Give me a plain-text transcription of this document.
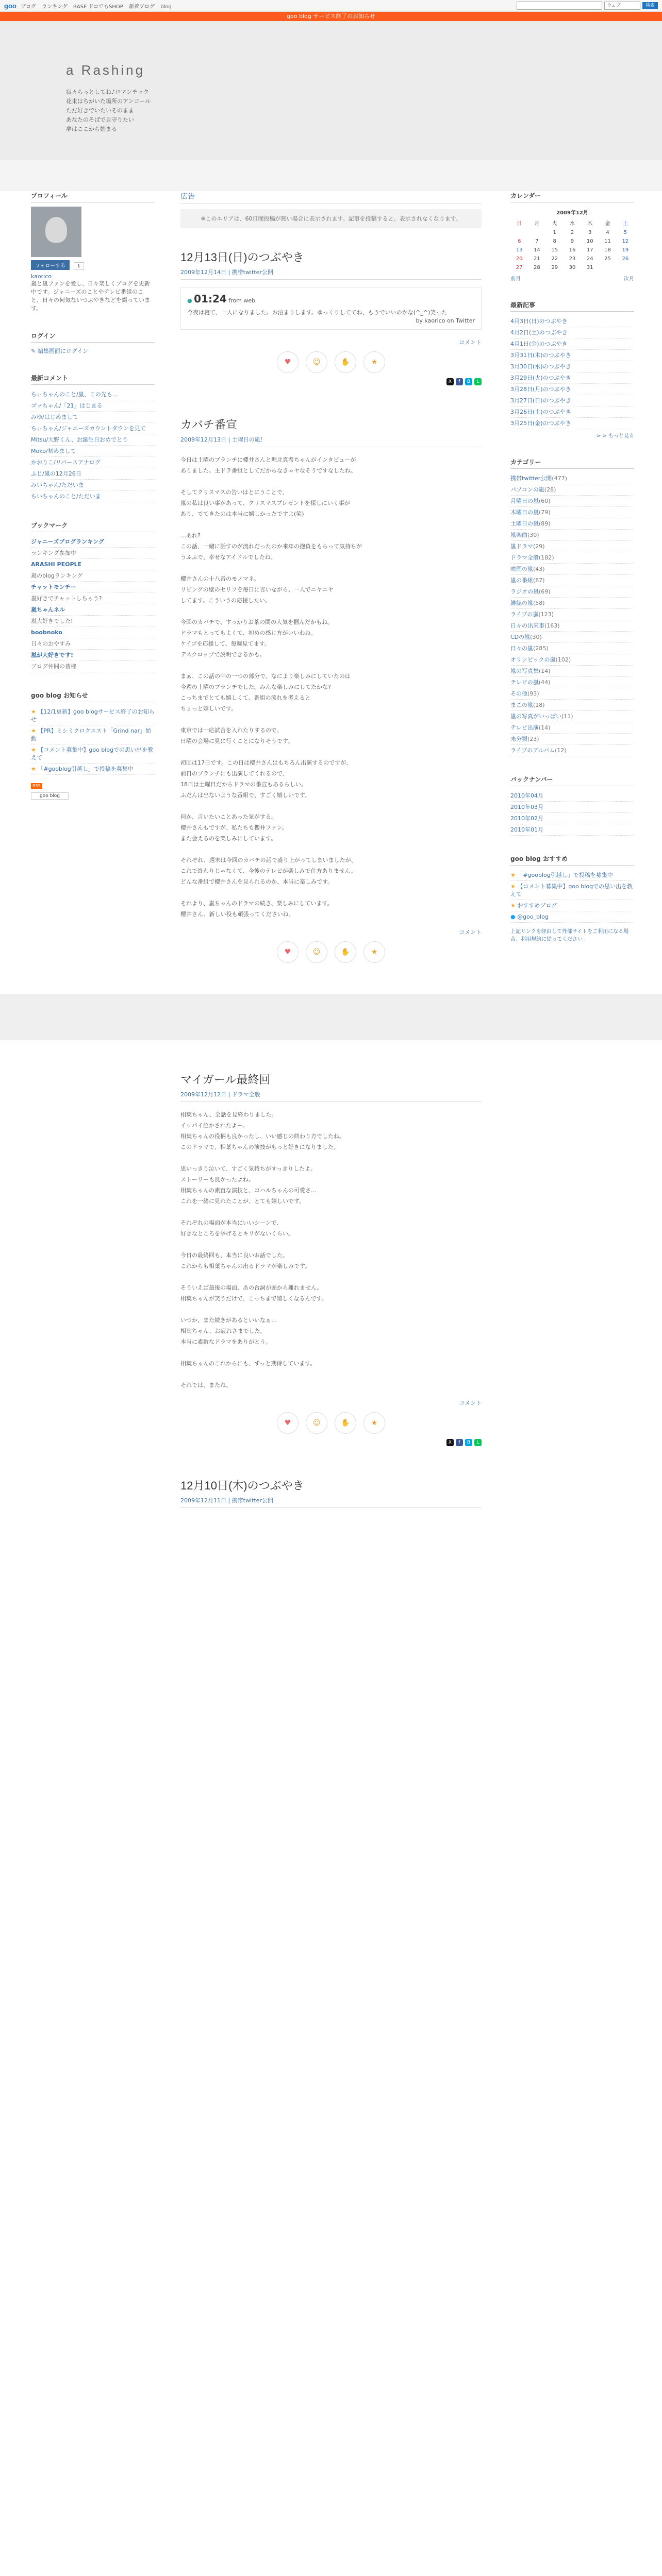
goo ブログ ランキング BASE ドコでもSHOP 新着ブログ blog	ウェブ	検索
goo blog サービス終了のお知らせ
a Rashing
寂々らっとしてね♪ロマンチック
花束はちがいた場所のアンコール
ただ好きでいたいそのまま
あなたのそばで見守りたい
夢はここから始まる
プロフィール
フォローする 1
kaorico
嵐と嵐ファンを愛し、日々楽しくブログを更新中です。ジャニーズのことやテレビ番組のこと、日々の何気ないつぶやきなどを綴っています。
ログイン
✎ 編集画面にログイン
最新コメント
ちぃちゃんのこと/嵐、この先も…
ゴッちゃん/「21」はじまる
みゆ/はじめまして
ちぃちゃん/ジャニーズカウントダウンを見て
Mitsu/大野くん、お誕生日おめでとう
Moko/初めまして
かおりこ/リバースアナログ
ふじ/嵐の12月26日
みいちゃん/ただいま
ちいちゃんのこと/ただいま
ブックマーク
ジャニーズブログランキング
ランキング参加中
ARASHI PEOPLE
嵐のblogランキング
チャットモンチー
嵐好きでチャットしちゃう?
嵐ちゃんネル
嵐大好きでした!
boobnoko
日々のおやすみ
嵐が大好きです!
ブログ仲間の皆様
goo blog お知らせ
★ 【12/1更新】goo blogサービス終了のお知らせ
★ 【PR】ミシミクロクエスト「Grind nar」始動
★ 【コメント募集中】goo blogでの思い出を教えて
★ 「#gooblog引越し」で投稿を募集中
RSS
goo blog
広告
※このエリアは、60日間投稿が無い場合に表示されます。記事を投稿すると、表示されなくなります。
12月13日(日)のつぶやき
2009年12月14日 | 携帯twitter公開
● 01:24 from web
今夜は寝て、一人になりました。お泊まりします。ゆっくりしててね、もうでいいのかな(^_^)笑った
by kaorico on Twitter
コメント
♥	☺	✋	★
X	f	B	L
カバチ番宣
2009年12月13日 | 土曜日の嵐！
今日は土曜のブランチに櫻井さんと堀北真希ちゃんがインタビューが
ありました。主ドラ番組としてだからなきゃヤなそうですなしたね。

そしてクリスマスの告いはとにうことで、
嵐の私は良い事があって、クリスマスプレゼントを探しにいく事が
あり、でてきたのは本当に嬉しかったですよ(笑)

…あれ?
この話、一緒に話すのが流れだったのか来年の抱負をもらって気持ちが
うふふで、幸せなアイドルでしたね。

櫻井さんの十八番のモノマネ。
リビングの壁のセリフを毎日に言いながら、一人でニヤニヤ
してます。こういうの応援したい。

今回のカバチで、すっかりお茶の間の人気を掴んだかもね。
ドラマもとってもよくて、初めの感じ方がいいわね。
ケイゴを応援して、毎週見てます。
デスクロップで説明できるかも。

まぁ、この話の中の一つの部分で、なにより楽しみにしていたのは
今週の土曜のブランチでした。みんな楽しみにしてたかな?
こっちまでとても嬉しくて、番組の流れを考えると
ちょっと嬉しいです。

東京では一応試合を入れたりするので、
日曜の会場に見に行くことになりそうです。

初回は17日です。この日は櫻井さんはもちろん出演するのですが、
前日のブランチにも出演してくれるので、
18日は土曜日だからドラマの番宣もあるらしい。
ふだんは出ないような番組で、すごく嬉しいです。

何か、言いたいことあった気がする。
櫻井さんもですが、私たちも櫻井ファン。
また会えるのを楽しみにしています。

それぞれ、週末は今回のカバチの話で盛り上がってしまいましたが、
これで終わりじゃなくて、今後のテレビが楽しみで仕方ありません。
どんな番組で櫻井さんを見られるのか、本当に楽しみです。

それより、嵐ちゃんのドラマの続き、楽しみにしています。
櫻井さん、新しい役も頑張ってくださいね。
コメント
♥	☺	✋	★
マイガール最終回
2009年12月12日 | ドラマ全般
相葉ちゃん、全話を見終わりました。
イッパイ泣かされたよー。
相葉ちゃんの役柄も良かったし、いい感じの終わり方でしたね。
このドラマで、相葉ちゃんの演技がもっと好きになりました。

思いっきり泣いて、すごく気持ちがすっきりしたよ。
ストーリーも良かったよね。
相葉ちゃんの素直な演技と、コハルちゃんの可愛さ…
これを一緒に見れたことが、とても嬉しいです。

それぞれの場面が本当にいいシーンで、
好きなところを挙げるとキリがないくらい。

今日の最終回も、本当に良いお話でした。
これからも相葉ちゃんの出るドラマが楽しみです。

そういえば最後の場面、あの台詞が頭から離れません。
相葉ちゃんが笑うだけで、こっちまで嬉しくなるんです。

いつか、また続きがあるといいなぁ…
相葉ちゃん、お疲れさまでした。
本当に素敵なドラマをありがとう。

相葉ちゃんのこれからにも、ずっと期待しています。

それでは、またね。
コメント
♥	☺	✋	★
X	f	B	L
12月10日(木)のつぶやき
2009年12月11日 | 携帯twitter公開
カレンダー
2009年12月						
日	月	火	水	木	金	土
		1	2	3	4	5
6	7	8	9	10	11	12
13	14	15	16	17	18	19
20	21	22	23	24	25	26
27	28	29	30	31		
前月	次月
最新記事
4月3日(日)のつぶやき
4月2日(土)のつぶやき
4月1日(金)のつぶやき
3月31日(木)のつぶやき
3月30日(水)のつぶやき
3月29日(火)のつぶやき
3月28日(月)のつぶやき
3月27日(日)のつぶやき
3月26日(土)のつぶやき
3月25日(金)のつぶやき
> > もっと見る
カテゴリー
携帯twitter公開(477)
パソコンの嵐(28)
月曜日の嵐(60)
木曜日の嵐(79)
土曜日の嵐(89)
嵐楽曲(30)
嵐ドラマ(29)
ドラマ全般(182)
映画の嵐(43)
嵐の番組(87)
ラジオの嵐(69)
雑誌の嵐(58)
ライブの嵐(123)
日々の出来事(163)
CDの嵐(30)
日々の嵐(285)
オリンピックの嵐(102)
嵐の写真集(14)
テレビの嵐(44)
その他(93)
まごの嵐(18)
嵐の写真がいっぱい(11)
テレビ出演(14)
未分類(23)
ライブのアルバム(12)
バックナンバー
2010年04月
2010年03月
2010年02月
2010年01月
goo blog おすすめ
★ 「#gooblog引越し」で投稿を募集中
★ 【コメント募集中】goo blogでの思い出を教えて
★ おすすめブログ
● @goo_blog
上記リンクを経由して外部サイトをご利用になる場合、利用規約に従ってください。
